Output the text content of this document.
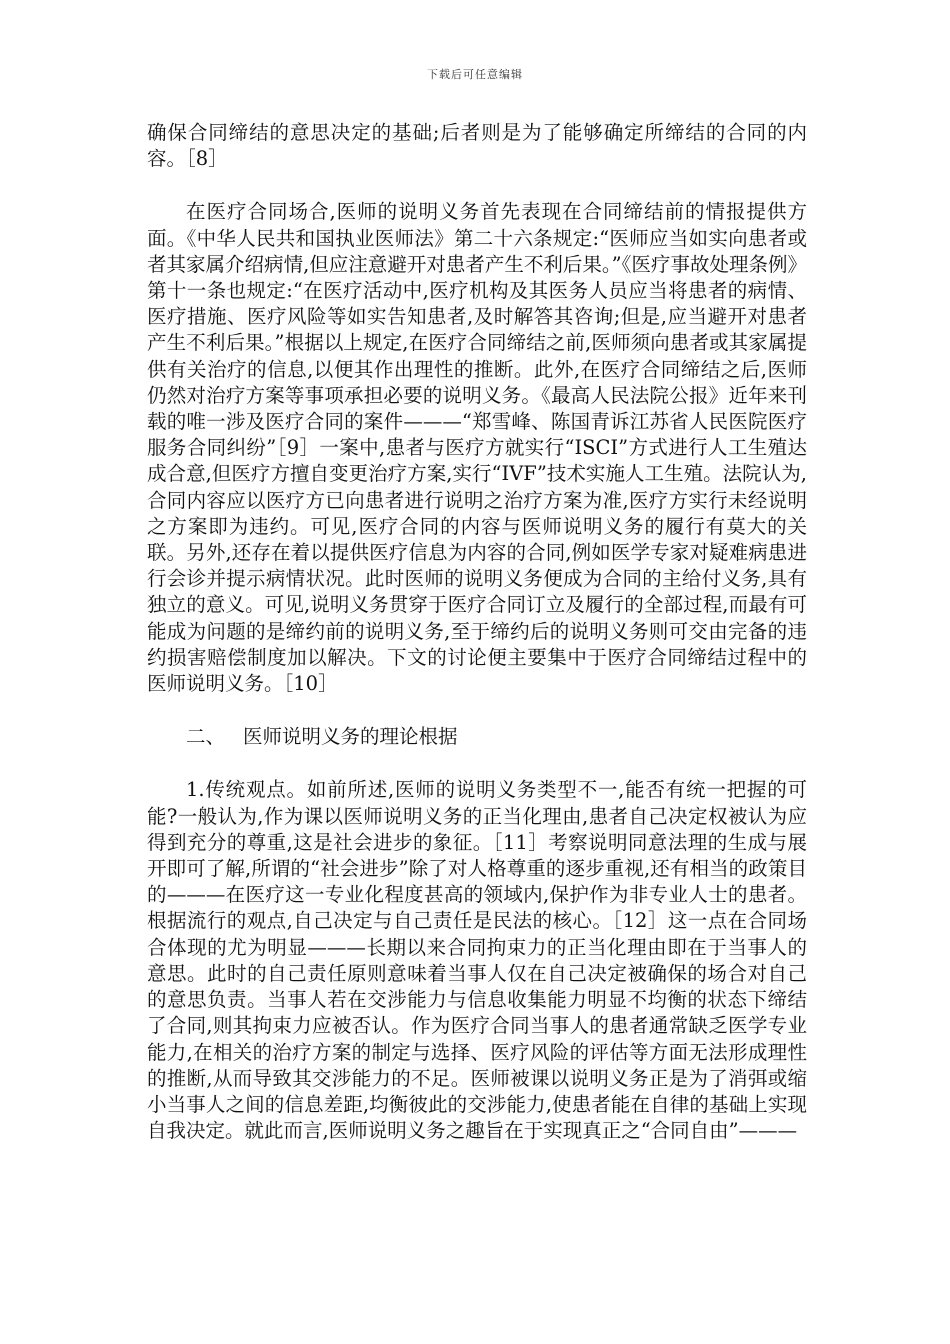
下载后可任意编辑

确保合同缔结的意思决定的基础;后者则是为了能够确定所缔结的合同的内容。［8］

在医疗合同场合,医师的说明义务首先表现在合同缔结前的情报提供方面。《中华人民共和国执业医师法》第二十六条规定:“医师应当如实向患者或者其家属介绍病情,但应注意避开对患者产生不利后果。”《医疗事故处理条例》第十一条也规定:“在医疗活动中,医疗机构及其医务人员应当将患者的病情、医疗措施、医疗风险等如实告知患者,及时解答其咨询;但是,应当避开对患者产生不利后果。”根据以上规定,在医疗合同缔结之前,医师须向患者或其家属提供有关治疗的信息,以便其作出理性的推断。此外,在医疗合同缔结之后,医师仍然对治疗方案等事项承担必要的说明义务。《最高人民法院公报》近年来刊载的唯一涉及医疗合同的案件———“郑雪峰、陈国青诉江苏省人民医院医疗服务合同纠纷”［9］一案中,患者与医疗方就实行“ISCI”方式进行人工生殖达成合意,但医疗方擅自变更治疗方案,实行“IVF”技术实施人工生殖。法院认为,合同内容应以医疗方已向患者进行说明之治疗方案为准,医疗方实行未经说明之方案即为违约。可见,医疗合同的内容与医师说明义务的履行有莫大的关联。另外,还存在着以提供医疗信息为内容的合同,例如医学专家对疑难病患进行会诊并提示病情状况。此时医师的说明义务便成为合同的主给付义务,具有独立的意义。可见,说明义务贯穿于医疗合同订立及履行的全部过程,而最有可能成为问题的是缔约前的说明义务,至于缔约后的说明义务则可交由完备的违约损害赔偿制度加以解决。下文的讨论便主要集中于医疗合同缔结过程中的医师说明义务。［10］

二、 医师说明义务的理论根据

1.传统观点。如前所述,医师的说明义务类型不一,能否有统一把握的可能?一般认为,作为课以医师说明义务的正当化理由,患者自己决定权被认为应得到充分的尊重,这是社会进步的象征。［11］考察说明同意法理的生成与展开即可了解,所谓的“社会进步”除了对人格尊重的逐步重视,还有相当的政策目的———在医疗这一专业化程度甚高的领域内,保护作为非专业人士的患者。根据流行的观点,自己决定与自己责任是民法的核心。［12］这一点在合同场合体现的尤为明显———长期以来合同拘束力的正当化理由即在于当事人的意思。此时的自己责任原则意味着当事人仅在自己决定被确保的场合对自己的意思负责。当事人若在交涉能力与信息收集能力明显不均衡的状态下缔结了合同,则其拘束力应被否认。作为医疗合同当事人的患者通常缺乏医学专业能力,在相关的治疗方案的制定与选择、医疗风险的评估等方面无法形成理性的推断,从而导致其交涉能力的不足。医师被课以说明义务正是为了消弭或缩小当事人之间的信息差距,均衡彼此的交涉能力,使患者能在自律的基础上实现自我决定。就此而言,医师说明义务之趣旨在于实现真正之“合同自由”———
